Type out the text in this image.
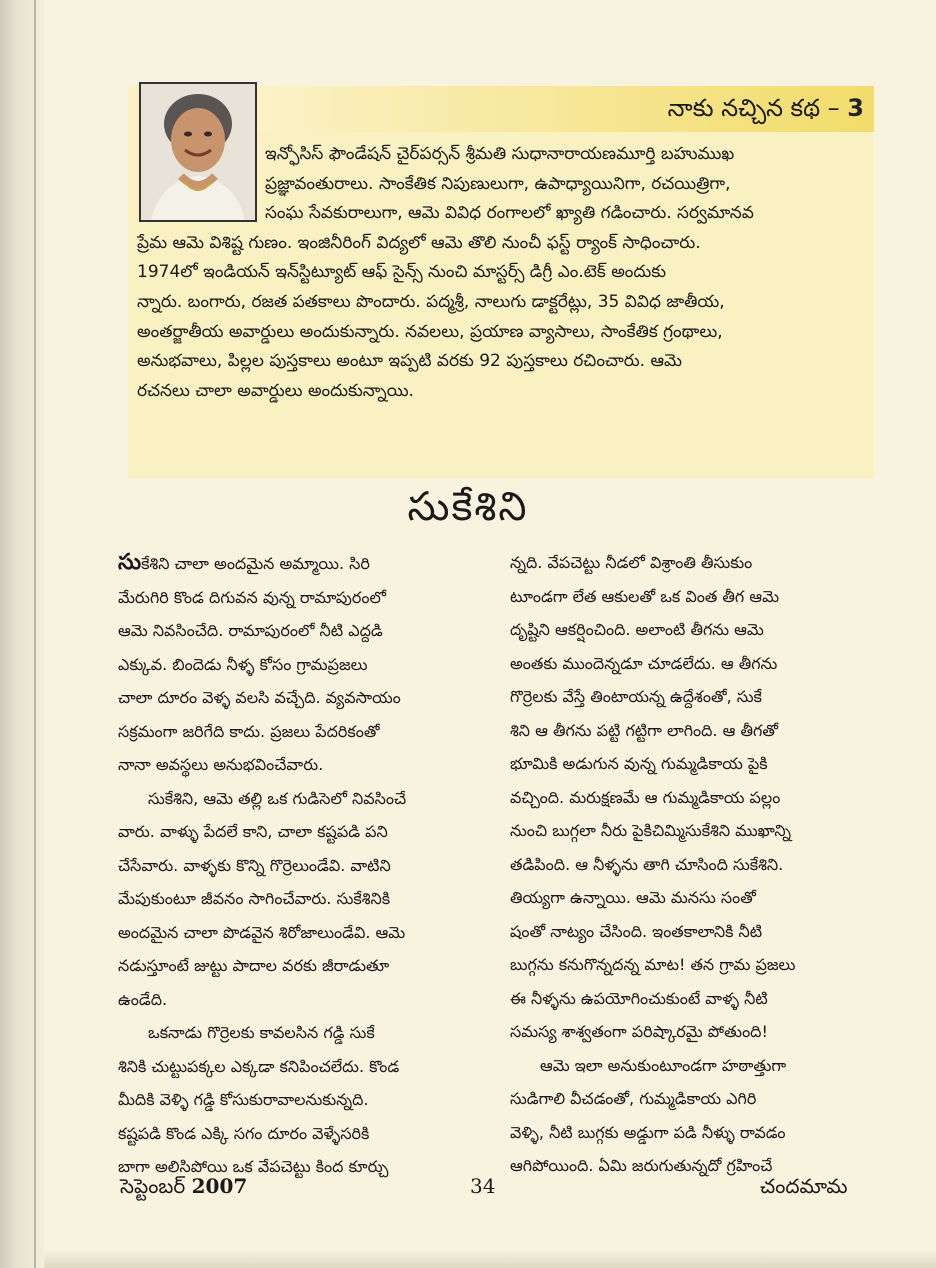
నాకు నచ్చిన కథ – 3
ఇన్ఫోసిస్ ఫౌండేషన్ చైర్‌పర్సన్ శ్రీమతి సుధానారాయణమూర్తి బహుముఖ
ప్రజ్ఞావంతురాలు. సాంకేతిక నిపుణులుగా, ఉపాధ్యాయినిగా, రచయిత్రిగా,
సంఘ సేవకురాలుగా, ఆమె వివిధ రంగాలలో ఖ్యాతి గడించారు. సర్వమానవ
ప్రేమ ఆమె విశిష్ట గుణం. ఇంజినీరింగ్ విద్యలో ఆమె తొలి నుంచీ ఫస్ట్ ర్యాంక్ సాధించారు.
1974లో ఇండియన్ ఇన్‌స్టిట్యూట్ ఆఫ్ సైన్స్ నుంచి మాస్టర్స్ డిగ్రీ ఎం.టెక్ అందుకు
న్నారు. బంగారు, రజత పతకాలు పొందారు. పద్మశ్రీ, నాలుగు డాక్టరేట్లు, 35 వివిధ జాతీయ,
అంతర్జాతీయ అవార్డులు అందుకున్నారు. నవలలు, ప్రయాణ వ్యాసాలు, సాంకేతిక గ్రంథాలు,
అనుభవాలు, పిల్లల పుస్తకాలు అంటూ ఇప్పటి వరకు 92 పుస్తకాలు రచించారు. ఆమె
రచనలు చాలా అవార్డులు అందుకున్నాయి.
సుకేశిని
సుకేశిని చాలా అందమైన అమ్మాయి. సిరి
మేరుగిరి కొండ దిగువన వున్న రామాపురంలో
ఆమె నివసించేది. రామాపురంలో నీటి ఎద్దడి
ఎక్కువ. బిందెడు నీళ్ళ కోసం గ్రామప్రజలు
చాలా దూరం వెళ్ళ వలసి వచ్చేది. వ్యవసాయం
సక్రమంగా జరిగేది కాదు. ప్రజలు పేదరికంతో
నానా అవస్థలు అనుభవించేవారు.
సుకేశిని, ఆమె తల్లి ఒక గుడిసెలో నివసించే
వారు. వాళ్ళు పేదలే కాని, చాలా కష్టపడి పని
చేసేవారు. వాళ్ళకు కొన్ని గొర్రెలుండేవి. వాటిని
మేపుకుంటూ జీవనం సాగించేవారు. సుకేశినికి
అందమైన చాలా పొడవైన శిరోజాలుండేవి. ఆమె
నడుస్తూంటే జుట్టు పాదాల వరకు జీరాడుతూ
ఉండేది.
ఒకనాడు గొర్రెలకు కావలసిన గడ్డి సుకే
శినికి చుట్టుపక్కల ఎక్కడా కనిపించలేదు. కొండ
మీదికి వెళ్ళి గడ్డి కోసుకురావాలనుకున్నది.
కష్టపడి కొండ ఎక్కి సగం దూరం వెళ్ళేసరికి
బాగా అలిసిపోయి ఒక వేపచెట్టు కింద కూర్చు
న్నది. వేపచెట్టు నీడలో విశ్రాంతి తీసుకుం
టూండగా లేత ఆకులతో ఒక వింత తీగ ఆమె
దృష్టిని ఆకర్షించింది. అలాంటి తీగను ఆమె
అంతకు ముందెన్నడూ చూడలేదు. ఆ తీగను
గొర్రెలకు వేస్తే తింటాయన్న ఉద్దేశంతో, సుకే
శిని ఆ తీగను పట్టి గట్టిగా లాగింది. ఆ తీగతో
భూమికి అడుగున వున్న గుమ్మడికాయ పైకి
వచ్చింది. మరుక్షణమే ఆ గుమ్మడికాయ పల్లం
నుంచి బుగ్గలా నీరు పైకిచిమ్మిసుకేశిని ముఖాన్ని
తడిపింది. ఆ నీళ్ళను తాగి చూసింది సుకేశిని.
తియ్యగా ఉన్నాయి. ఆమె మనసు సంతో
షంతో నాట్యం చేసింది. ఇంతకాలానికి నీటి
బుగ్గను కనుగొన్నదన్న మాట! తన గ్రామ ప్రజలు
ఈ నీళ్ళను ఉపయోగించుకుంటే వాళ్ళ నీటి
సమస్య శాశ్వతంగా పరిష్కారమై పోతుంది!
ఆమె ఇలా అనుకుంటూండగా హఠాత్తుగా
సుడిగాలి వీచడంతో, గుమ్మడికాయ ఎగిరి
వెళ్ళి, నీటి బుగ్గకు అడ్డుగా పడి నీళ్ళు రావడం
ఆగిపోయింది. ఏమి జరుగుతున్నదో గ్రహించే
సెప్టెంబర్ 2007	34	చందమామ
